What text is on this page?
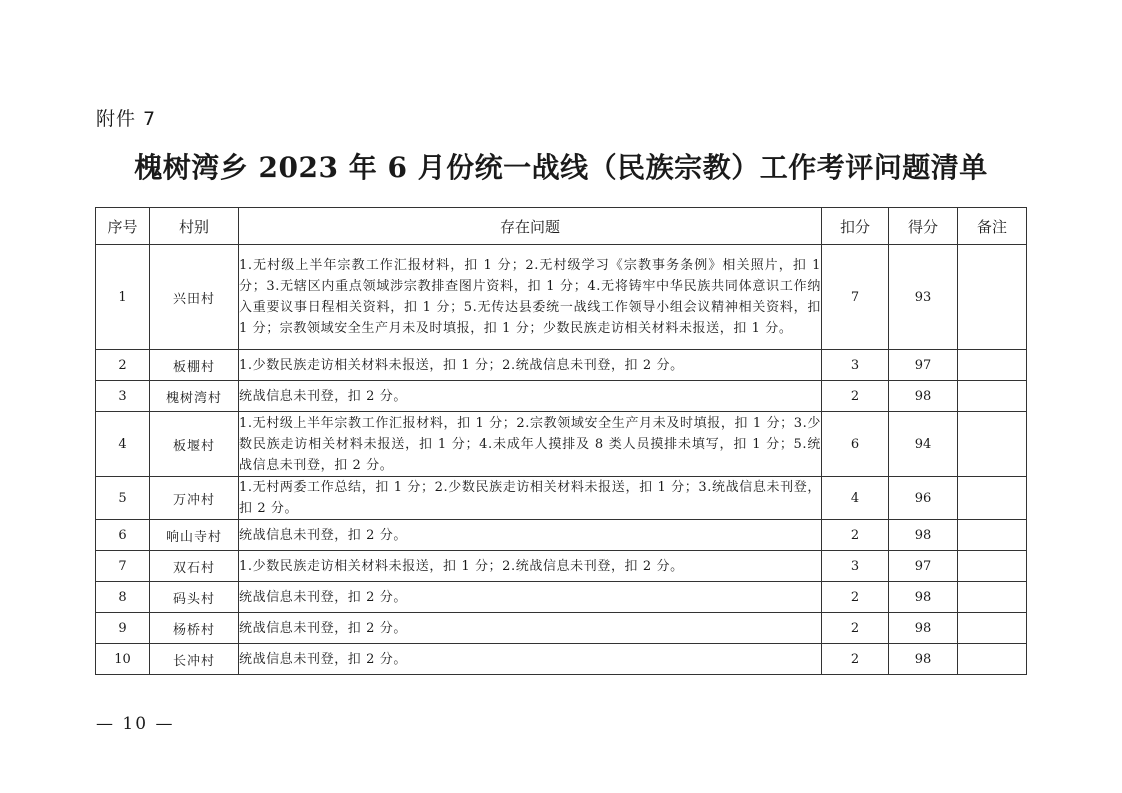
附件 7
槐树湾乡 2023 年 6 月份统一战线（民族宗教）工作考评问题清单
序号	村别	存在问题	扣分	得分	备注
1	兴田村	1.无村级上半年宗教工作汇报材料，扣 1 分；2.无村级学习《宗教事务条例》相关照片，扣 1 分；3.无辖区内重点领域涉宗教排查图片资料，扣 1 分；4.无将铸牢中华民族共同体意识工作纳入重要议事日程相关资料，扣 1 分；5.无传达县委统一战线工作领导小组会议精神相关资料，扣 1 分；宗教领域安全生产月未及时填报，扣 1 分；少数民族走访相关材料未报送，扣 1 分。	7	93	
2	板棚村	1.少数民族走访相关材料未报送，扣 1 分；2.统战信息未刊登，扣 2 分。	3	97	
3	槐树湾村	统战信息未刊登，扣 2 分。	2	98	
4	板堰村	1.无村级上半年宗教工作汇报材料，扣 1 分；2.宗教领域安全生产月未及时填报，扣 1 分；3.少数民族走访相关材料未报送，扣 1 分；4.未成年人摸排及 8 类人员摸排未填写，扣 1 分；5.统战信息未刊登，扣 2 分。	6	94	
5	万冲村	1.无村两委工作总结，扣 1 分；2.少数民族走访相关材料未报送，扣 1 分；3.统战信息未刊登，扣 2 分。	4	96	
6	响山寺村	统战信息未刊登，扣 2 分。	2	98	
7	双石村	1.少数民族走访相关材料未报送，扣 1 分；2.统战信息未刊登，扣 2 分。	3	97	
8	码头村	统战信息未刊登，扣 2 分。	2	98	
9	杨桥村	统战信息未刊登，扣 2 分。	2	98	
10	长冲村	统战信息未刊登，扣 2 分。	2	98	
— 10 —
